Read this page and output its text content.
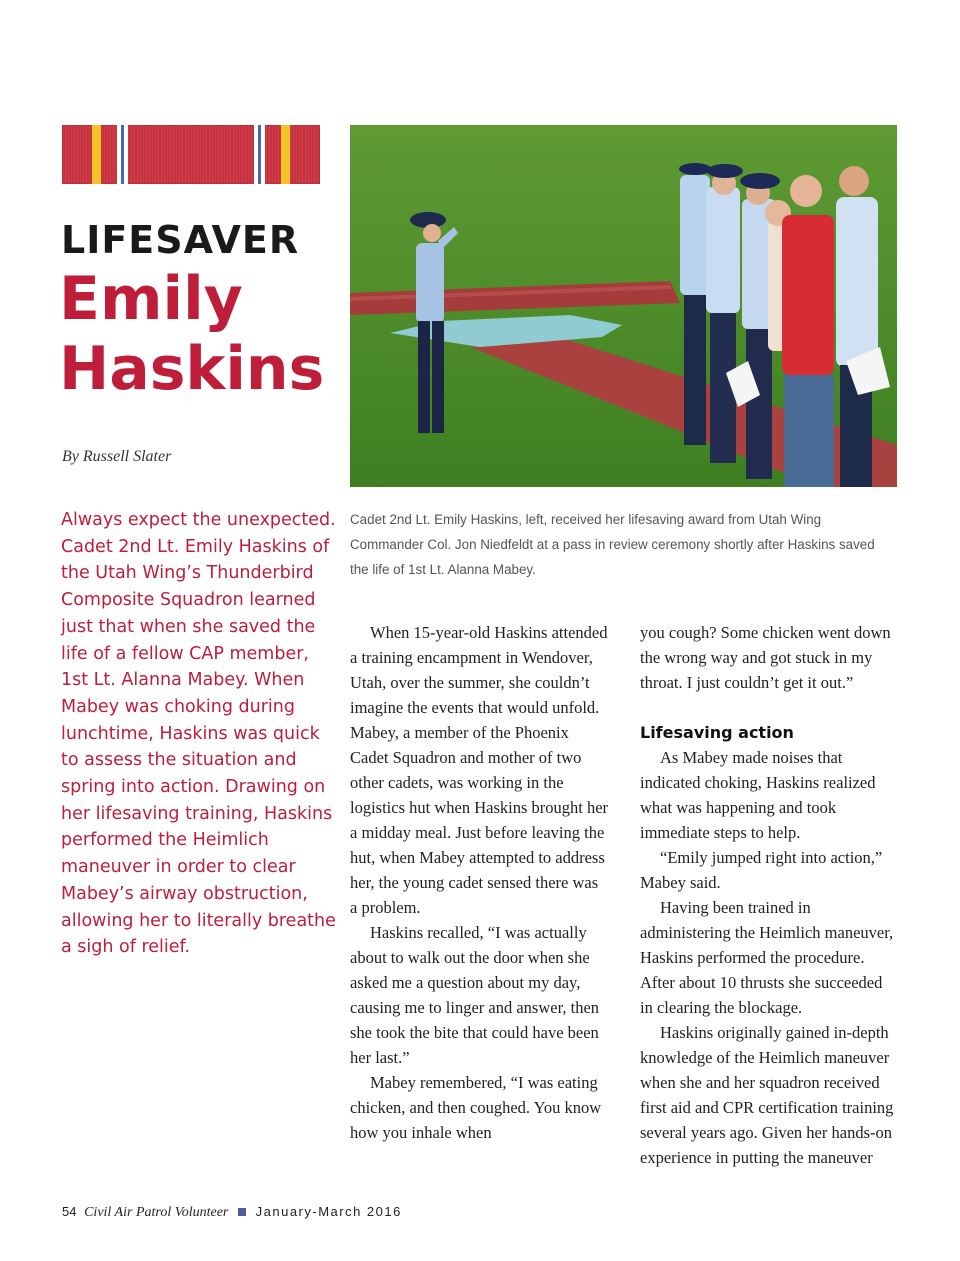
LIFESAVER
Emily
Haskins
By Russell Slater

Always expect the unexpected. Cadet 2nd Lt. Emily Haskins of the Utah Wing’s Thunderbird Composite Squadron learned just that when she saved the life of a fellow CAP member, 1st Lt. Alanna Mabey. When Mabey was choking during lunchtime, Haskins was quick to assess the situation and spring into action. Drawing on her lifesaving training, Haskins performed the Heimlich maneuver in order to clear Mabey’s airway obstruction, allowing her to literally breathe a sigh of relief.

Cadet 2nd Lt. Emily Haskins, left, received her lifesaving award from Utah Wing Commander Col. Jon Niedfeldt at a pass in review ceremony shortly after Haskins saved the life of 1st Lt. Alanna Mabey.

When 15-year-old Haskins attended a training encampment in Wendover, Utah, over the summer, she couldn’t imagine the events that would unfold. Mabey, a member of the Phoenix Cadet Squadron and mother of two other cadets, was working in the logistics hut when Haskins brought her a midday meal. Just before leaving the hut, when Mabey attempted to address her, the young cadet sensed there was a problem.

Haskins recalled, “I was actually about to walk out the door when she asked me a question about my day, causing me to linger and answer, then she took the bite that could have been her last.”

Mabey remembered, “I was eating chicken, and then coughed. You know how you inhale when

you cough? Some chicken went down the wrong way and got stuck in my throat. I just couldn’t get it out.”

Lifesaving action

As Mabey made noises that indicated choking, Haskins realized what was happening and took immediate steps to help.

“Emily jumped right into action,” Mabey said.

Having been trained in administering the Heimlich maneuver, Haskins performed the procedure. After about 10 thrusts she succeeded in clearing the blockage.

Haskins originally gained in-depth knowledge of the Heimlich maneuver when she and her squadron received first aid and CPR certification training several years ago. Given her hands-on experience in putting the maneuver

54 Civil Air Patrol Volunteer January-March 2016
